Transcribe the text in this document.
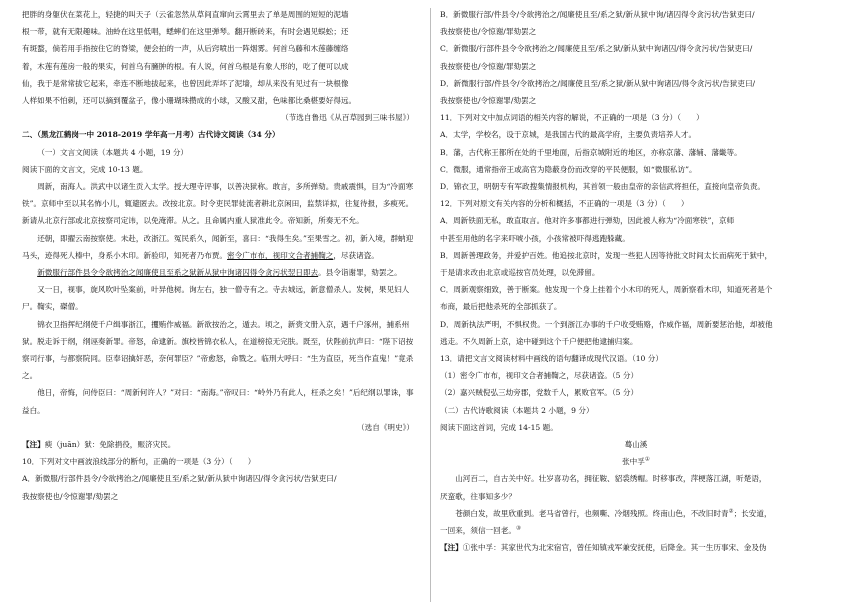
把胖的身躯伏在菜花上，轻捷的叫天子（云雀忽然从草间直窜向云霄里去了单是周围的短短的泥墙

根一带，就有无限趣味。油蛉在这里低唱，蟋蟀们在这里弹琴。翻开断砖来，有时会遇见蜈蚣；还

有斑蝥，倘若用手指按住它的脊梁，便会拍的一声，从后窍喷出一阵烟雾。何首乌藤和木莲藤缠络

着，木莲有莲房一般的果实，何首乌有臃肿的根。有人说，何首乌根是有象人形的，吃了便可以成

仙，我于是常常拔它起来，牵连不断地拔起来，也曾因此弄坏了泥墙，却从来没有见过有一块根像

人样如果不怕刺，还可以摘到覆盆子，像小珊瑚珠攒成的小球，又酸又甜，色味都比桑椹要好得远。

（节选自鲁迅《从百草园到三味书屋》）

二、（黑龙江鹤岗一中 2018-2019 学年高一月考）古代诗文阅读（34 分）

（一）文言文阅读（本题共 4 小题，19 分）

阅读下面的文言文，完成 10-13 题。

周新，南海人。洪武中以诸生贡入太学。授大理寺评事，以善决狱称。敢言，多所弹劾。贵戚震惧，目为“冷面寒铁”。京师中至以其名怖小儿，辄避匿去。改按北京。时令吏民罪徒流者耕北京闲田，监禁详拟，往复待报，多瘐死。新请从北京行部或北京按察司定讳，以免淹滞。从之。且命属内重人狱准此令。帝知新，所奏无不允。

还朝，即擢云南按察使。未赴，改浙江。冤民系久，闻新至，喜曰：“我得生矣。”至果雪之。初，新入境，群蚋迎马头，迹得死人榛中，身系小木印。新验印，知死者乃布贾。密令广市布，视印文合者捕鞫之，尽获诸盗。

新微服行部件县令令欲拷治之闻廉使且至系之狱新从狱中询诸囚得令贪污状翌日即去。县令诣谢罪，劾罢之。

又一日，视事，旋风吹叶坠案前，叶异他树。询左右，独一僧寺有之。寺去城远，新意僧杀人。发树，果见妇人尸。鞫实，磔僧。

锦衣卫指挥纪纲使千户缉事浙江，攫贿作威福。新欲按治之，遁去。顷之，新赍文册入京，遇千户涿州，捕系州狱。脱走诉于纲，纲诬奏新罪。帝怒，命逮新。旗校皆锦衣私人，在道榜掠无完肤。既至，伏陛前抗声曰：“陛下诏按察司行事，与都察院同。臣奉诏擒奸恶，奈何罪臣？”帝愈怒，命戮之。临刑大呼曰：“生为直臣，死当作直鬼！”竟杀之。

他日，帝悔，问侍臣曰：“周新何许人？”对曰：“南海。”帝叹曰：“岭外乃有此人，枉杀之矣！”后纪纲以罪诛，事益白。

（选自《明史》）

【注】瘐（juān）狱：免除捐役，赈济灾民。

10．下列对文中画波浪线部分的断句，正确的一项是（3 分）（　　）

A．新微服/行部件县令/令欲拷治之/闻廉使且至/系之狱/新从狱中询诸囚/得令贪污状/告狱吏曰/

我按察使也/令惊谢罪/劾罢之

B．新微服行部/件县令/令欲拷治之/闻廉使且至/系之狱/新从狱中询/诸囚得令贪污状/告狱吏曰/

我按察使也/令惊谢/罪劾罢之

C．新微服/行部件县令令欲拷治之/闻廉使且至/系之狱/新从狱中询诸囚/得令贪污状/告狱吏曰/

我按察使也/令惊谢/罪劾罢之

D．新微服行部/件县令/令欲拷治之/闻廉使且至/系之狱/新从狱中询诸囚/得令贪污状/告狱吏曰/

我按察使也/令惊谢罪/劾罢之

11．下列对文中加点词语的相关内容的解说，不正确的一项是（3 分）（　　）

A．太学，学校名，设于京城，是我国古代的最高学府，主要负责培养人才。

B．藩，古代称王都所在处的千里地面，后指京城附近的地区，亦称京藩、藩辅、藩畿等。

C．微服，通常指帝王或高官为隐蔽身份而改穿的平民便服，如“微服私访”。

D．锦衣卫，明朝专有军政搜集情报机构，其首领一般由皇帝的亲信武将担任，直接向皇帝负责。

12．下列对原文有关内容的分析和概括，不正确的一项是（3 分）（　　）

A．周新铁面无私，敢直取言。他对许多事都进行弹劾，因此被人称为“冷面寒铁”，京师

中甚至用他的名字来吓唬小孩，小孩常被吓得逃跑躲藏。

B．周新善理政务，并爱护百姓。他追按北京时，发现一些犯人因等待批文时间太长而病死于狱中，

于是请求改由北京或巡按官员处理，以免滞留。

C．周新观察细致，善于断案。他发现一个身上挂着个小木印的死人，周新察看木印，知道死者是个

布商，最后把他杀死的全部抓获了。

D．周新执法严明，不惧权贵。一个到浙江办事的千户收受贿赂，作威作福，周新要惩治他，却被他

逃走。不久周新上京，途中碰到这个千户便把他逮捕归案。

13．请把文言文阅读材料中画线的语句翻译成现代汉语。（10 分）

（1）密令广市布，视印文合者捕鞫之，尽获诸盗。（5 分）

（2）嘉兴贼倪弘三劫旁郡，党数千人，累败官军。（5 分）

（二）古代诗歌阅读（本题共 2 小题，9 分）

阅读下面这首词，完成 14-15 题。

蓦山溪

张中孚①

山河百二，自古关中好。壮岁喜功名，拥征鞍、貂裘绣帽。时移事改，萍梗落江湖，听楚语，

厌蛮歌，往事知多少？

苍颜白发，故里欣重到。老马省曾行，也频嘶、冷烟残照。终南山色，不改旧时青②；长安道，

一回来，须信一回老。③

【注】①张中孚：其家世代为北宋宿官，曾任知镇戎军兼安抚使，后降金。其一生历事宋、金及伪
